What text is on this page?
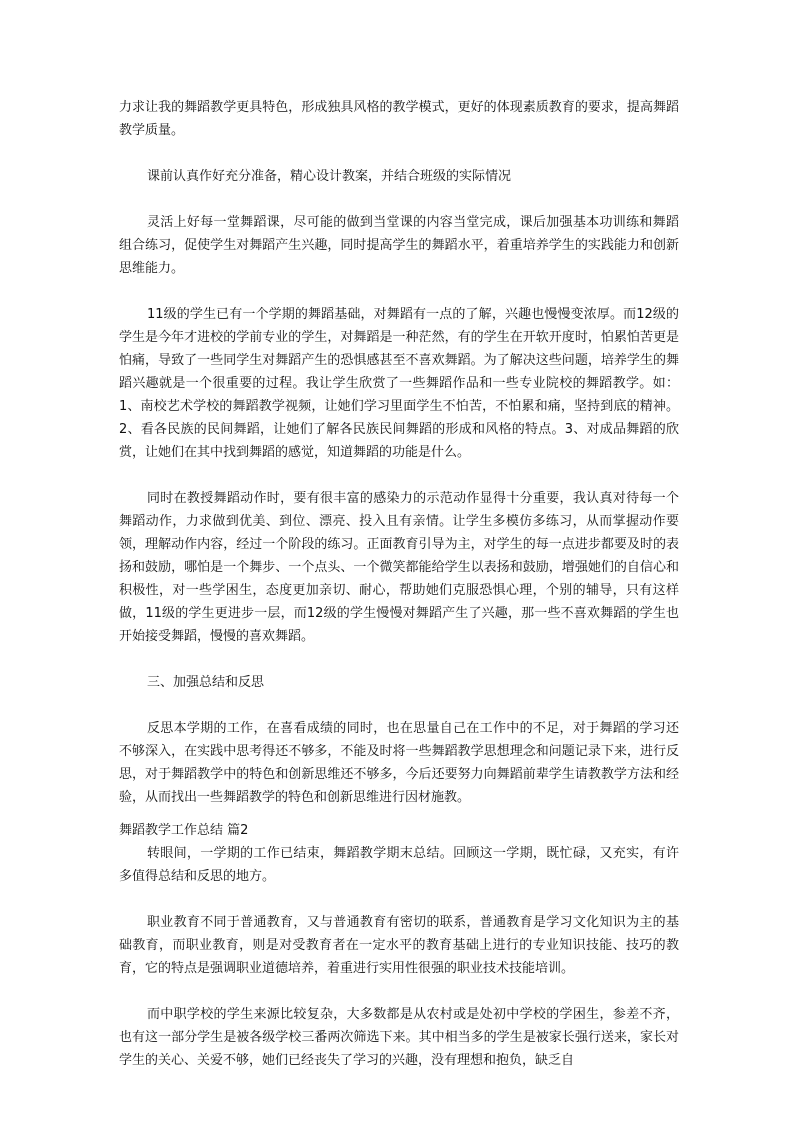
力求让我的舞蹈教学更具特色，形成独具风格的教学模式，更好的体现素质教育的要求，提高舞蹈教学质量。

课前认真作好充分准备，精心设计教案，并结合班级的实际情况

灵活上好每一堂舞蹈课，尽可能的做到当堂课的内容当堂完成，课后加强基本功训练和舞蹈组合练习，促使学生对舞蹈产生兴趣，同时提高学生的舞蹈水平，着重培养学生的实践能力和创新思维能力。

11级的学生已有一个学期的舞蹈基础，对舞蹈有一点的了解，兴趣也慢慢变浓厚。而12级的学生是今年才进校的学前专业的学生，对舞蹈是一种茫然，有的学生在开软开度时，怕累怕苦更是怕痛，导致了一些同学生对舞蹈产生的恐惧感甚至不喜欢舞蹈。为了解决这些问题，培养学生的舞蹈兴趣就是一个很重要的过程。我让学生欣赏了一些舞蹈作品和一些专业院校的舞蹈教学。如：1、南校艺术学校的舞蹈教学视频，让她们学习里面学生不怕苦，不怕累和痛，坚持到底的精神。2、看各民族的民间舞蹈，让她们了解各民族民间舞蹈的形成和风格的特点。3、对成品舞蹈的欣赏，让她们在其中找到舞蹈的感觉，知道舞蹈的功能是什么。

同时在教授舞蹈动作时，要有很丰富的感染力的示范动作显得十分重要，我认真对待每一个舞蹈动作，力求做到优美、到位、漂亮、投入且有亲情。让学生多模仿多练习，从而掌握动作要领，理解动作内容，经过一个阶段的练习。正面教育引导为主，对学生的每一点进步都要及时的表扬和鼓励，哪怕是一个舞步、一个点头、一个微笑都能给学生以表扬和鼓励，增强她们的自信心和积极性，对一些学困生，态度更加亲切、耐心，帮助她们克服恐惧心理，个别的辅导，只有这样做，11级的学生更进步一层，而12级的学生慢慢对舞蹈产生了兴趣，那一些不喜欢舞蹈的学生也开始接受舞蹈，慢慢的喜欢舞蹈。

三、加强总结和反思

反思本学期的工作，在喜看成绩的同时，也在思量自己在工作中的不足，对于舞蹈的学习还不够深入，在实践中思考得还不够多，不能及时将一些舞蹈教学思想理念和问题记录下来，进行反思，对于舞蹈教学中的特色和创新思维还不够多，今后还要努力向舞蹈前辈学生请教教学方法和经验，从而找出一些舞蹈教学的特色和创新思维进行因材施教。

舞蹈教学工作总结 篇2

转眼间，一学期的工作已结束，舞蹈教学期末总结。回顾这一学期，既忙碌，又充实，有许多值得总结和反思的地方。

职业教育不同于普通教育，又与普通教育有密切的联系，普通教育是学习文化知识为主的基础教育，而职业教育，则是对受教育者在一定水平的教育基础上进行的专业知识技能、技巧的教育，它的特点是强调职业道德培养，着重进行实用性很强的职业技术技能培训。

而中职学校的学生来源比较复杂，大多数都是从农村或是处初中学校的学困生，参差不齐，也有这一部分学生是被各级学校三番两次筛选下来。其中相当多的学生是被家长强行送来，家长对学生的关心、关爱不够，她们已经丧失了学习的兴趣，没有理想和抱负，缺乏自
